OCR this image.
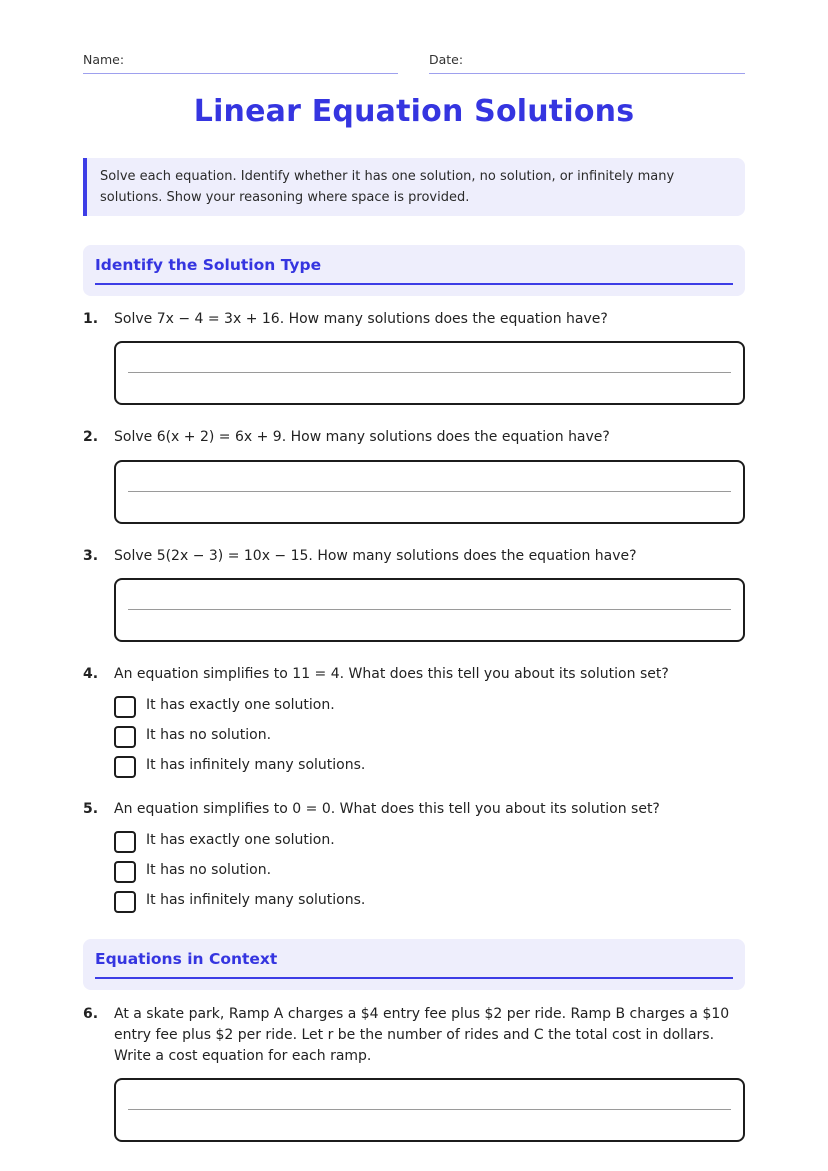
Name:	Date:
Linear Equation Solutions
Solve each equation. Identify whether it has one solution, no solution, or infinitely many solutions. Show your reasoning where space is provided.
Identify the Solution Type
1. Solve 7x − 4 = 3x + 16. How many solutions does the equation have?
2. Solve 6(x + 2) = 6x + 9. How many solutions does the equation have?
3. Solve 5(2x − 3) = 10x − 15. How many solutions does the equation have?
4. An equation simplifies to 11 = 4. What does this tell you about its solution set?
It has exactly one solution.
It has no solution.
It has infinitely many solutions.
5. An equation simplifies to 0 = 0. What does this tell you about its solution set?
It has exactly one solution.
It has no solution.
It has infinitely many solutions.
Equations in Context
6. At a skate park, Ramp A charges a $4 entry fee plus $2 per ride. Ramp B charges a $10 entry fee plus $2 per ride. Let r be the number of rides and C the total cost in dollars. Write a cost equation for each ramp.
